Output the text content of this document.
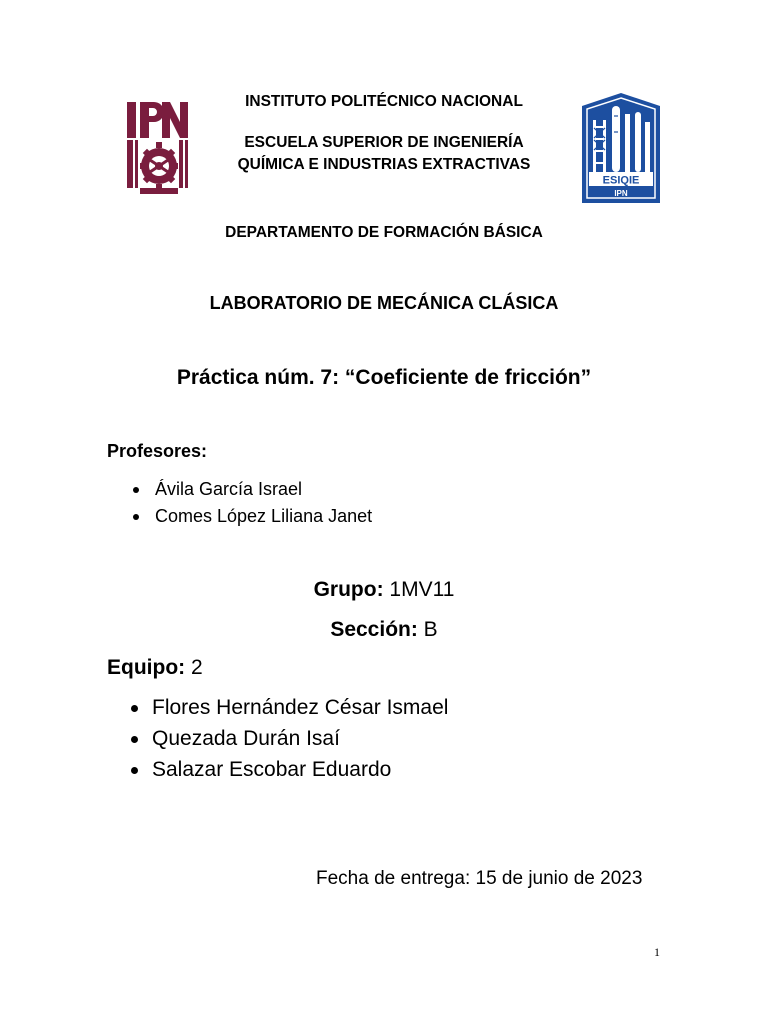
ESIQIE
IPN
INSTITUTO POLITÉCNICO NACIONAL
ESCUELA SUPERIOR DE INGENIERÍA
QUÍMICA E INDUSTRIAS EXTRACTIVAS
DEPARTAMENTO DE FORMACIÓN BÁSICA
LABORATORIO DE MECÁNICA CLÁSICA
Práctica núm. 7: “Coeficiente de fricción”
Profesores:
Ávila García Israel
Comes López Liliana Janet
Grupo: 1MV11
Sección: B
Equipo: 2
Flores Hernández César Ismael
Quezada Durán Isaí
Salazar Escobar Eduardo
Fecha de entrega: 15 de junio de 2023
1
